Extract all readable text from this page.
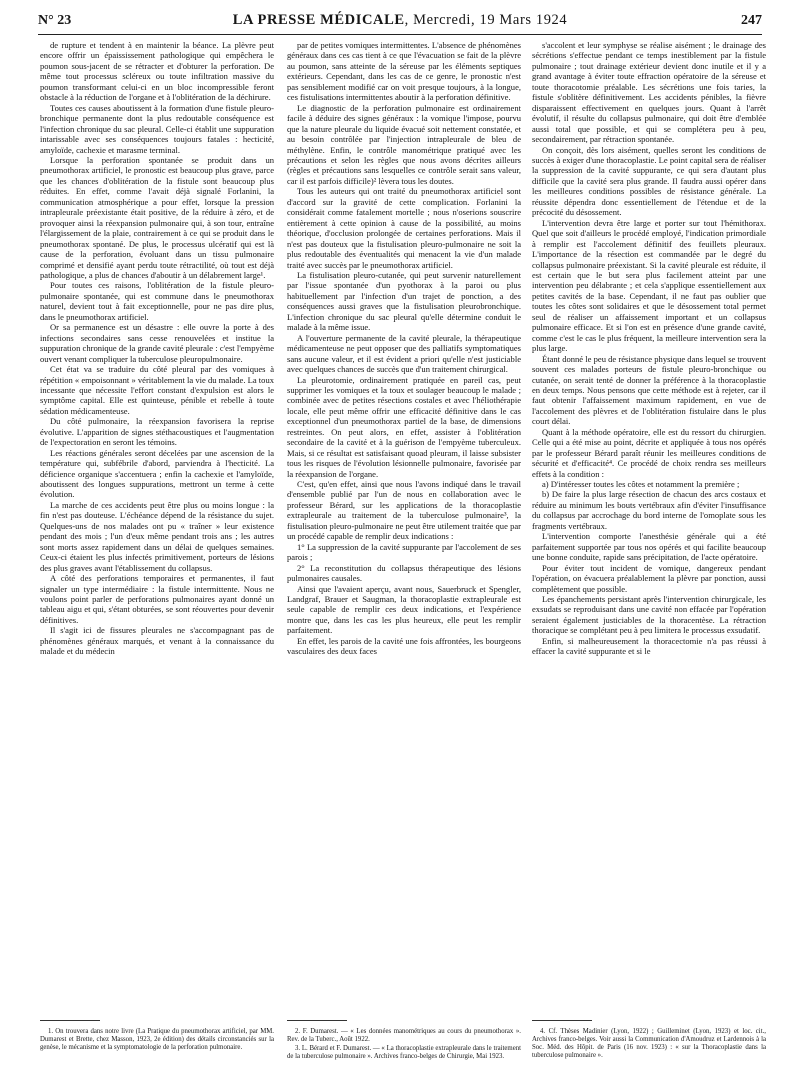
N° 23	LA PRESSE MÉDICALE, Mercredi, 19 Mars 1924	247

de rupture et tendent à en maintenir la béance. La plèvre peut encore offrir un épaississement pathologique qui empêchera le poumon sous-jacent de se rétracter et d'obturer la perforation. De même tout processus scléreux ou toute infiltration massive du poumon transformant celui-ci en un bloc incompressible feront obstacle à la réduction de l'organe et à l'oblitération de la déchirure.

Toutes ces causes aboutissent à la formation d'une fistule pleuro-bronchique permanente dont la plus redoutable conséquence est l'infection chronique du sac pleural. Celle-ci établit une suppuration intarissable avec ses conséquences toujours fatales : hecticité, amyloïde, cachexie et marasme terminal.

Lorsque la perforation spontanée se produit dans un pneumothorax artificiel, le pronostic est beaucoup plus grave, parce que les chances d'oblitération de la fistule sont beaucoup plus réduites. En effet, comme l'avait déjà signalé Forlanini, la communication atmosphérique a pour effet, lorsque la pression intrapleurale préexistante était positive, de la réduire à zéro, et de provoquer ainsi la réexpansion pulmonaire qui, à son tour, entraîne l'élargissement de la plaie, contrairement à ce qui se produit dans le pneumothorax spontané. De plus, le processus ulcératif qui est là cause de la perforation, évoluant dans un tissu pulmonaire comprimé et densifié ayant perdu toute rétractilité, où tout est déjà pathologique, a plus de chances d'aboutir à un délabrement large¹.

Pour toutes ces raisons, l'oblitération de la fistule pleuro-pulmonaire spontanée, qui est commune dans le pneumothorax naturel, devient tout à fait exceptionnelle, pour ne pas dire plus, dans le pneumothorax artificiel.

Or sa permanence est un désastre : elle ouvre la porte à des infections secondaires sans cesse renouvelées et institue la suppuration chronique de la grande cavité pleurale : c'est l'empyème ouvert venant compliquer la tuberculose pleuropulmonaire.

Cet état va se traduire du côté pleural par des vomiques à répétition « empoisonnant » véritablement la vie du malade. La toux incessante que nécessite l'effort constant d'expulsion est alors le symptôme capital. Elle est quinteuse, pénible et rebelle à toute sédation médicamenteuse.

Du côté pulmonaire, la réexpansion favorisera la reprise évolutive. L'apparition de signes stéthacoustiques et l'augmentation de l'expectoration en seront les témoins.

Les réactions générales seront décelées par une ascension de la température qui, subfébrile d'abord, parviendra à l'hecticité. La déficience organique s'accentuera ; enfin la cachexie et l'amyloïde, aboutissent des longues suppurations, mettront un terme à cette évolution.

La marche de ces accidents peut être plus ou moins longue : la fin n'est pas douteuse. L'échéance dépend de la résistance du sujet. Quelques-uns de nos malades ont pu « traîner » leur existence pendant des mois ; l'un d'eux même pendant trois ans ; les autres sont morts assez rapidement dans un délai de quelques semaines. Ceux-ci étaient les plus infectés primitivement, porteurs de lésions des plus graves avant l'établissement du collapsus.

A côté des perforations temporaires et permanentes, il faut signaler un type intermédiaire : la fistule intermittente. Nous ne voulons point parler de perforations pulmonaires ayant donné un tableau aigu et qui, s'étant obturées, se sont réouvertes pour devenir définitives.

Il s'agit ici de fissures pleurales ne s'accompagnant pas de phénomènes généraux marqués, et venant à la connaissance du malade et du médecin

par de petites vomiques intermittentes. L'absence de phénomènes généraux dans ces cas tient à ce que l'évacuation se fait de la plèvre au poumon, sans atteinte de la séreuse par les éléments septiques extérieurs. Cependant, dans les cas de ce genre, le pronostic n'est pas sensiblement modifié car on voit presque toujours, à la longue, ces fistulisations intermittentes aboutir à la perforation définitive.

Le diagnostic de la perforation pulmonaire est ordinairement facile à déduire des signes généraux : la vomique l'impose, pourvu que la nature pleurale du liquide évacué soit nettement constatée, et au besoin contrôlée par l'injection intrapleurale de bleu de méthylène. Enfin, le contrôle manométrique pratiqué avec les précautions et selon les règles que nous avons décrites ailleurs (règles et précautions sans lesquelles ce contrôle serait sans valeur, car il est parfois difficile)² lèvera tous les doutes.

Tous les auteurs qui ont traité du pneumothorax artificiel sont d'accord sur la gravité de cette complication. Forlanini la considérait comme fatalement mortelle ; nous n'oserions souscrire entièrement à cette opinion à cause de la possibilité, au moins théorique, d'occlusion prolongée de certaines perforations. Mais il n'est pas douteux que la fistulisation pleuro-pulmonaire ne soit la plus redoutable des éventualités qui menacent la vie d'un malade traité avec succès par le pneumothorax artificiel.

La fistulisation pleuro-cutanée, qui peut survenir naturellement par l'issue spontanée d'un pyothorax à la paroi ou plus habituellement par l'infection d'un trajet de ponction, a des conséquences aussi graves que la fistulisation pleurobronchique. L'infection chronique du sac pleural qu'elle détermine conduit le malade à la même issue.

A l'ouverture permanente de la cavité pleurale, la thérapeutique médicamenteuse ne peut opposer que des palliatifs symptomatiques sans aucune valeur, et il est évident a priori qu'elle n'est justiciable avec quelques chances de succès que d'un traitement chirurgical.

La pleurotomie, ordinairement pratiquée en pareil cas, peut supprimer les vomiques et la toux et soulager beaucoup le malade ; combinée avec de petites résections costales et avec l'héliothérapie locale, elle peut même offrir une efficacité définitive dans le cas exceptionnel d'un pneumothorax partiel de la base, de dimensions restreintes. On peut alors, en effet, assister à l'oblitération secondaire de la cavité et à la guérison de l'empyème tuberculeux. Mais, si ce résultat est satisfaisant quoad pleuram, il laisse subsister tous les risques de l'évolution lésionnelle pulmonaire, favorisée par la réexpansion de l'organe.

C'est, qu'en effet, ainsi que nous l'avons indiqué dans le travail d'ensemble publié par l'un de nous en collaboration avec le professeur Bérard, sur les applications de la thoracoplastie extrapleurale au traitement de la tuberculose pulmonaire³, la fistulisation pleuro-pulmonaire ne peut être utilement traitée que par un procédé capable de remplir deux indications :

1° La suppression de la cavité suppurante par l'accolement de ses parois ;

2° La reconstitution du collapsus thérapeutique des lésions pulmonaires causales.

Ainsi que l'avaient aperçu, avant nous, Sauerbruck et Spengler, Landgraf, Brauer et Saugman, la thoracoplastie extrapleurale est seule capable de remplir ces deux indications, et l'expérience montre que, dans les cas les plus heureux, elle peut les remplir parfaitement.

En effet, les parois de la cavité une fois affrontées, les bourgeons vasculaires des deux faces

s'accolent et leur symphyse se réalise aisément ; le drainage des sécrétions s'effectue pendant ce temps inestiblement par la fistule pulmonaire ; tout drainage extérieur devient donc inutile et il y a grand avantage à éviter toute effraction opératoire de la séreuse et toute thoracotomie préalable. Les sécrétions une fois taries, la fistule s'oblitère définitivement. Les accidents pénibles, la fièvre disparaissent effectivement en quelques jours. Quant à l'arrêt évolutif, il résulte du collapsus pulmonaire, qui doit être d'emblée aussi total que possible, et qui se complétera peu à peu, secondairement, par rétraction spontanée.

On conçoit, dès lors aisément, quelles seront les conditions de succès à exiger d'une thoracoplastie. Le point capital sera de réaliser la suppression de la cavité suppurante, ce qui sera d'autant plus difficile que la cavité sera plus grande. Il faudra aussi opérer dans les meilleures conditions possibles de résistance générale. La réussite dépendra donc essentiellement de l'étendue et de la précocité du désossement.

L'intervention devra être large et porter sur tout l'hémithorax. Quel que soit d'ailleurs le procédé employé, l'indication primordiale à remplir est l'accolement définitif des feuillets pleuraux. L'importance de la résection est commandée par le degré du collapsus pulmonaire préexistant. Si la cavité pleurale est réduite, il est certain que le but sera plus facilement atteint par une intervention peu délabrante ; et cela s'applique essentiellement aux petites cavités de la base. Cependant, il ne faut pas oublier que toutes les côtes sont solidaires et que le désossement total permet seul de réaliser un affaissement important et un collapsus pulmonaire efficace. Et si l'on est en présence d'une grande cavité, comme c'est le cas le plus fréquent, la meilleure intervention sera la plus large.

Étant donné le peu de résistance physique dans lequel se trouvent souvent ces malades porteurs de fistule pleuro-bronchique ou cutanée, on serait tenté de donner la préférence à la thoracoplastie en deux temps. Nous pensons que cette méthode est à rejeter, car il faut obtenir l'affaissement maximum rapidement, en vue de l'accolement des plèvres et de l'oblitération fistulaire dans le plus court délai.

Quant à la méthode opératoire, elle est du ressort du chirurgien. Celle qui a été mise au point, décrite et appliquée à tous nos opérés par le professeur Bérard paraît réunir les meilleures conditions de sécurité et d'efficacité⁴. Ce procédé de choix rendra ses meilleurs effets à la condition :

a) D'intéresser toutes les côtes et notamment la première ;

b) De faire la plus large résection de chacun des arcs costaux et réduire au minimum les bouts vertébraux afin d'éviter l'insuffisance du collapsus par accrochage du bord interne de l'omoplate sous les fragments vertébraux.

L'intervention comporte l'anesthésie générale qui a été parfaitement supportée par tous nos opérés et qui facilite beaucoup une bonne conduite, rapide sans précipitation, de l'acte opératoire.

Pour éviter tout incident de vomique, dangereux pendant l'opération, on évacuera préalablement la plèvre par ponction, aussi complètement que possible.

Les épanchements persistant après l'intervention chirurgicale, les exsudats se reproduisant dans une cavité non effacée par l'opération seraient également justiciables de la thoracentèse. La rétraction thoracique se complétant peu à peu limitera le processus exsudatif.

Enfin, si malheureusement la thoracectomie n'a pas réussi à effacer la cavité suppurante et si le

1. On trouvera dans notre livre (La Pratique du pneumothorax artificiel, par MM. Dumarest et Brette, chez Masson, 1923, 2e édition) des détails circonstanciés sur la genèse, le mécanisme et la symptomatologie de la perforation pulmonaire.

2. F. Dumarest. — « Les données manométriques au cours du pneumothorax ». Rev. de la Tuberc., Août 1922.

3. L. Bérard et F. Dumarest. — « La thoracoplastie extrapleurale dans le traitement de la tuberculose pulmonaire ». Archives franco-belges de Chirurgie, Mai 1923.

4. Cf. Thèses Madinier (Lyon, 1922) ; Guilleminet (Lyon, 1923) et loc. cit., Archives franco-belges. Voir aussi la Communication d'Amoudruz et Lardennois à la Soc. Méd. des Hôpit. de Paris (16 nov. 1923) : « sur la Thoracoplastie dans la tuberculose pulmonaire ».
